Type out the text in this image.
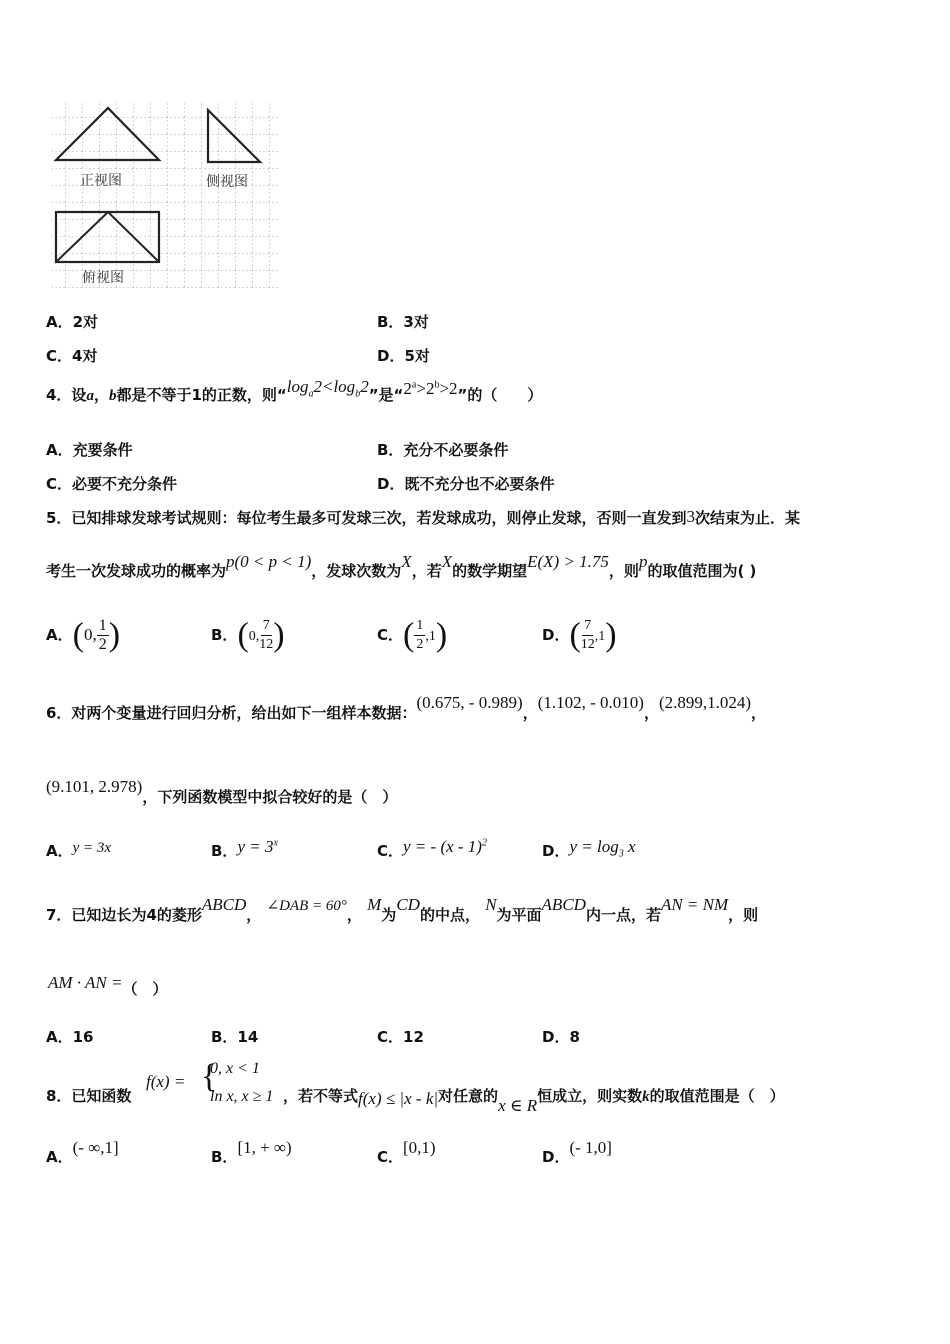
正视图	侧视图
俯视图
A．2对	B．3对
C．4对	D．5对
4．设a，b都是不等于1的正数，则“$\log_a2<\log_b2$”是“$2^a>2^b>2$”的（　　）
A．充要条件	B．充分不必要条件
C．必要不充分条件	D．既不充分也不必要条件
5．已知排球发球考试规则：每位考生最多可发球三次，若发球成功，则停止发球，否则一直发到3次结束为止．某
考生一次发球成功的概率为p(0 < p < 1)，发球次数为X，若X的数学期望E(X) > 1.75，则p的取值范围为( )
A．(0, $\frac{1}{2}$ )	B．(0, $\frac{7}{12}$ )	C．( $\frac{1}{2} ,1$)	D．( $\frac{7}{12} ,1$)
6．对两个变量进行回归分析，给出如下一组样本数据：(0.675, - 0.989)，(1.102, - 0.010)，(2.899,1.024)，
(9.101, 2.978)，下列函数模型中拟合较好的是（　）
A．y = 3x	B．$y = 3^x$	C．y = - (x - 1)$^2$	D．$y = \log_3 x$
7．已知边长为4的菱形ABCD， ∠DAB = 60°， M为CD的中点， N为平面ABCD内一点，若AN = NM，则
AM · AN =（　）
A．16	B．14	C．12	D．8
8．已知函数
f(x) = {
0, x < 1
ln x, x ≥ 1 ，若不等式f(x) ≤ |x - k|对任意的x ∈ R恒成立，则实数k的取值范围是（　）
A．(- ∞,1]	B．[1, + ∞)	C．[0,1)	D．(- 1,0]
